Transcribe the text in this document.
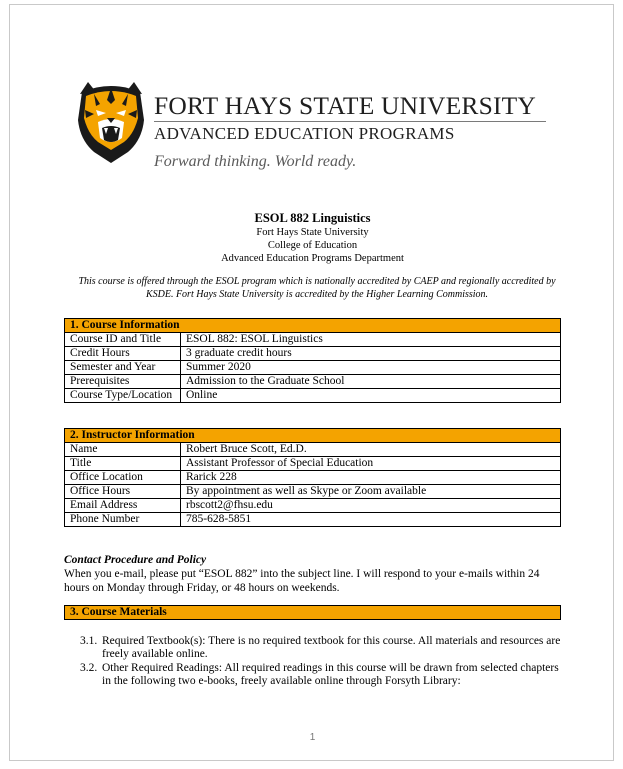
FORT HAYS STATE UNIVERSITY
ADVANCED EDUCATION PROGRAMS
Forward thinking. World ready.
ESOL 882 Linguistics
Fort Hays State University
College of Education
Advanced Education Programs Department
This course is offered through the ESOL program which is nationally accredited by CAEP and regionally accredited by KSDE. Fort Hays State University is accredited by the Higher Learning Commission.
1. Course Information	
Course ID and Title	ESOL 882: ESOL Linguistics
Credit Hours	3 graduate credit hours
Semester and Year	Summer 2020
Prerequisites	Admission to the Graduate School
Course Type/Location	Online
2. Instructor Information	
Name	Robert Bruce Scott, Ed.D.
Title	Assistant Professor of Special Education
Office Location	Rarick 228
Office Hours	By appointment as well as Skype or Zoom available
Email Address	rbscott2@fhsu.edu
Phone Number	785-628-5851
Contact Procedure and Policy
When you e-mail, please put “ESOL 882” into the subject line. I will respond to your e-mails within 24 hours on Monday through Friday, or 48 hours on weekends.
3. Course Materials
3.1. Required Textbook(s): There is no required textbook for this course. All materials and resources are freely available online.
3.2. Other Required Readings: All required readings in this course will be drawn from selected chapters in the following two e-books, freely available online through Forsyth Library:
1
